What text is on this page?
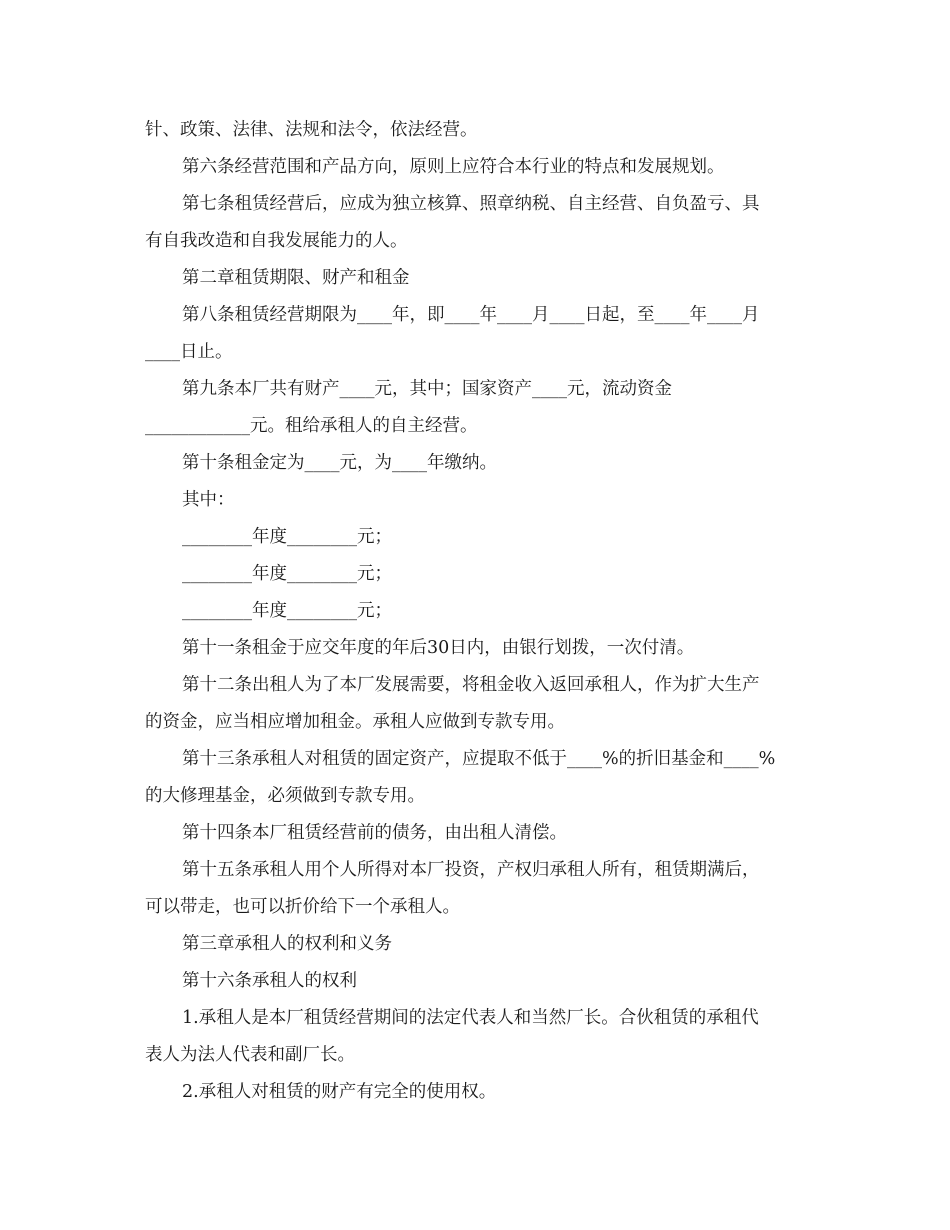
针、政策、法律、法规和法令，依法经营。
第六条经营范围和产品方向，原则上应符合本行业的特点和发展规划。
第七条租赁经营后，应成为独立核算、照章纳税、自主经营、自负盈亏、具
有自我改造和自我发展能力的人。
第二章租赁期限、财产和租金
第八条租赁经营期限为____年，即____年____月____日起，至____年____月
____日止。
第九条本厂共有财产____元，其中；国家资产____元，流动资金
____________元。租给承租人的自主经营。
第十条租金定为____元，为____年缴纳。
其中：
________年度________元；
________年度________元；
________年度________元；
第十一条租金于应交年度的年后30日内，由银行划拨，一次付清。
第十二条出租人为了本厂发展需要，将租金收入返回承租人，作为扩大生产
的资金，应当相应增加租金。承租人应做到专款专用。
第十三条承租人对租赁的固定资产，应提取不低于____%的折旧基金和____%
的大修理基金，必须做到专款专用。
第十四条本厂租赁经营前的债务，由出租人清偿。
第十五条承租人用个人所得对本厂投资，产权归承租人所有，租赁期满后，
可以带走，也可以折价给下一个承租人。
第三章承租人的权利和义务
第十六条承租人的权利
1.承租人是本厂租赁经营期间的法定代表人和当然厂长。合伙租赁的承租代
表人为法人代表和副厂长。
2.承租人对租赁的财产有完全的使用权。
